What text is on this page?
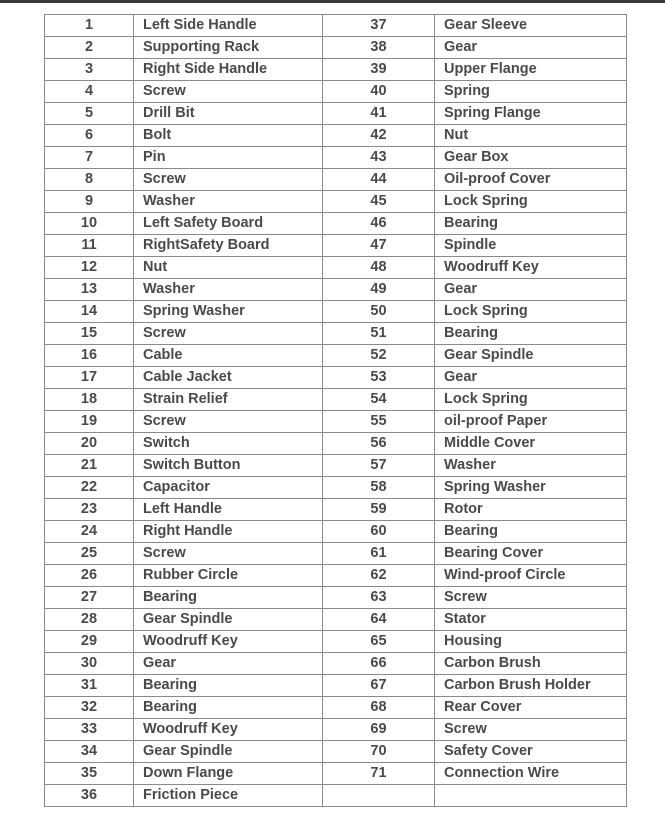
1	Left Side Handle	37	Gear Sleeve
2	Supporting Rack	38	Gear
3	Right Side Handle	39	Upper Flange
4	Screw	40	Spring
5	Drill Bit	41	Spring Flange
6	Bolt	42	Nut
7	Pin	43	Gear Box
8	Screw	44	Oil-proof Cover
9	Washer	45	Lock Spring
10	Left Safety Board	46	Bearing
11	RightSafety Board	47	Spindle
12	Nut	48	Woodruff Key
13	Washer	49	Gear
14	Spring Washer	50	Lock Spring
15	Screw	51	Bearing
16	Cable	52	Gear Spindle
17	Cable Jacket	53	Gear
18	Strain Relief	54	Lock Spring
19	Screw	55	oil-proof Paper
20	Switch	56	Middle Cover
21	Switch Button	57	Washer
22	Capacitor	58	Spring Washer
23	Left Handle	59	Rotor
24	Right Handle	60	Bearing
25	Screw	61	Bearing Cover
26	Rubber Circle	62	Wind-proof Circle
27	Bearing	63	Screw
28	Gear Spindle	64	Stator
29	Woodruff Key	65	Housing
30	Gear	66	Carbon Brush
31	Bearing	67	Carbon Brush Holder
32	Bearing	68	Rear Cover
33	Woodruff Key	69	Screw
34	Gear Spindle	70	Safety Cover
35	Down Flange	71	Connection Wire
36	Friction Piece		
